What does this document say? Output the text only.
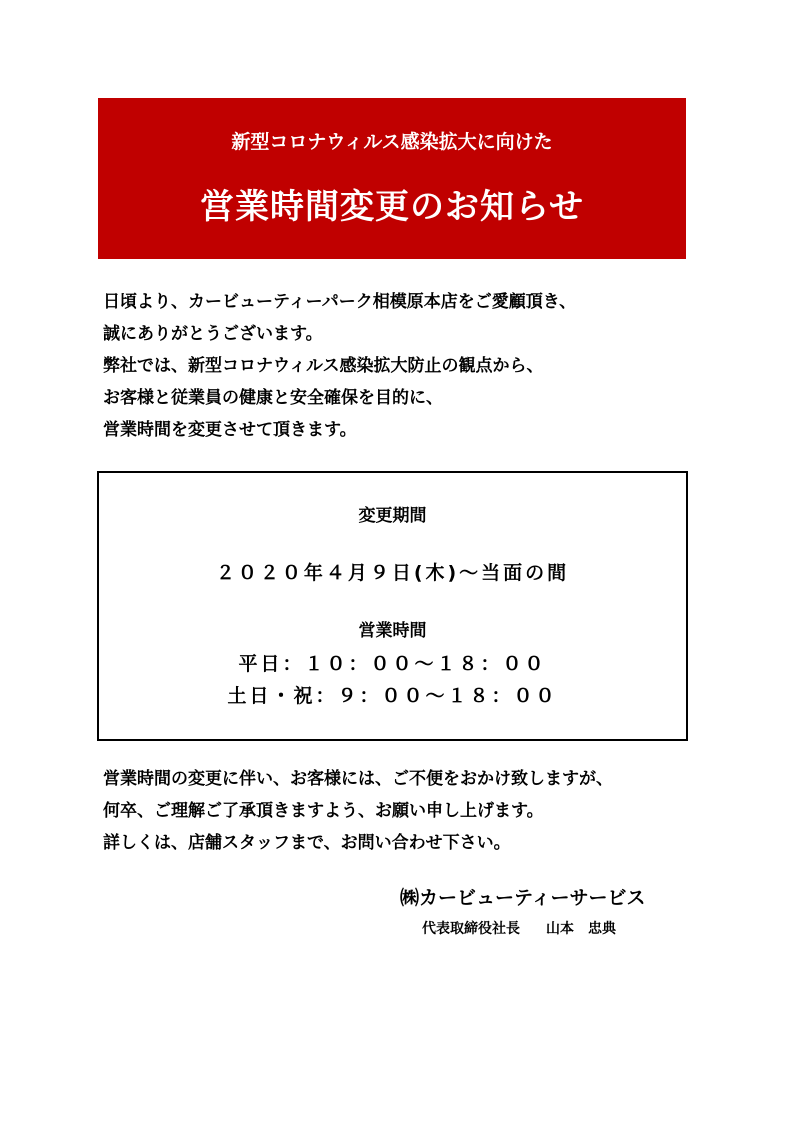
新型コロナウィルス感染拡大に向けた
営業時間変更のお知らせ
日頃より、カービューティーパーク相模原本店をご愛顧頂き、
誠にありがとうございます。
弊社では、新型コロナウィルス感染拡大防止の観点から、
お客様と従業員の健康と安全確保を目的に、
営業時間を変更させて頂きます。
変更期間
２０２０年４月９日(木)～当面の間
営業時間
平日：１０：００～１８：００
土日・祝：９：００～１８：００
営業時間の変更に伴い、お客様には、ご不便をおかけ致しますが、
何卒、ご理解ご了承頂きますよう、お願い申し上げます。
詳しくは、店舗スタッフまで、お問い合わせ下さい。
㈱カービューティーサービス
代表取締役社長 山本　忠典
